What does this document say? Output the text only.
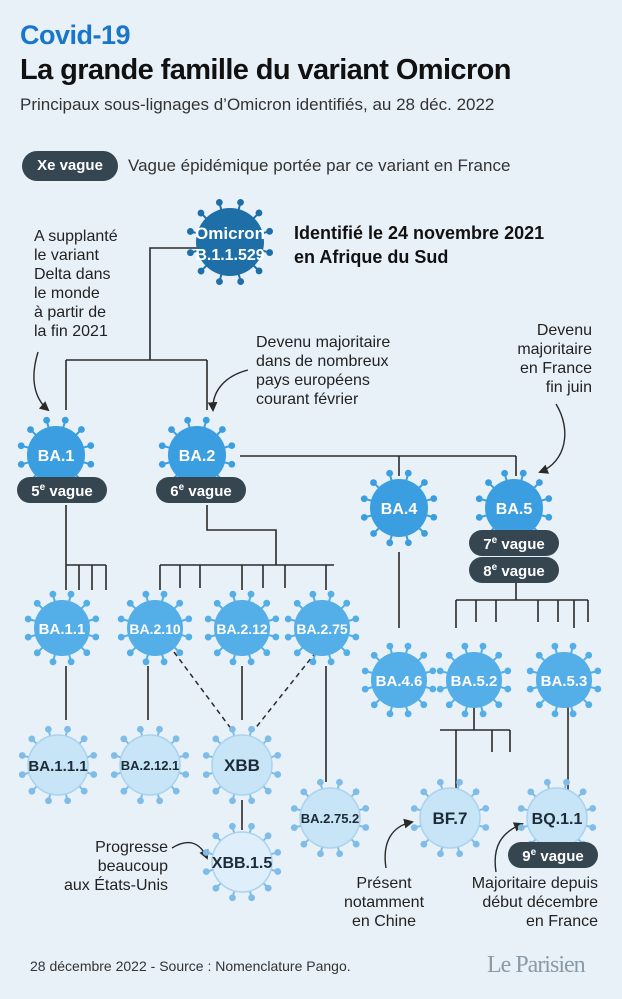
Covid-19
La grande famille du variant Omicron
Principaux sous-lignages d’Omicron identifiés, au 28 déc. 2022
Xe vague	Vague épidémique portée par ce variant en France
Identifié le 24 novembre 2021
en Afrique du Sud
A supplanté
le variant
Delta dans
le monde
à partir de
la fin 2021
Devenu majoritaire
dans de nombreux
pays européens
courant février
Devenu
majoritaire
en France
fin juin
Progresse
beaucoup
aux États-Unis	Présent
notamment
en Chine
Majoritaire depuis
début décembre
en France
Omicron
B.1.1.529
BA.1	BA.2
BA.4	BA.5
BA.1.1	BA.2.10	BA.2.12 BA.2.75
BA.4.6 BA.5.2	BA.5.3
BA.1.1.1	BA.2.12.1	XBB
BA.2.75.2	BF.7	BQ.1.1
XBB.1.5
5e vague	6e vague
7e vague
8e vague
9e vague
28 décembre 2022 - Source : Nomenclature Pango.	Le Parisien
